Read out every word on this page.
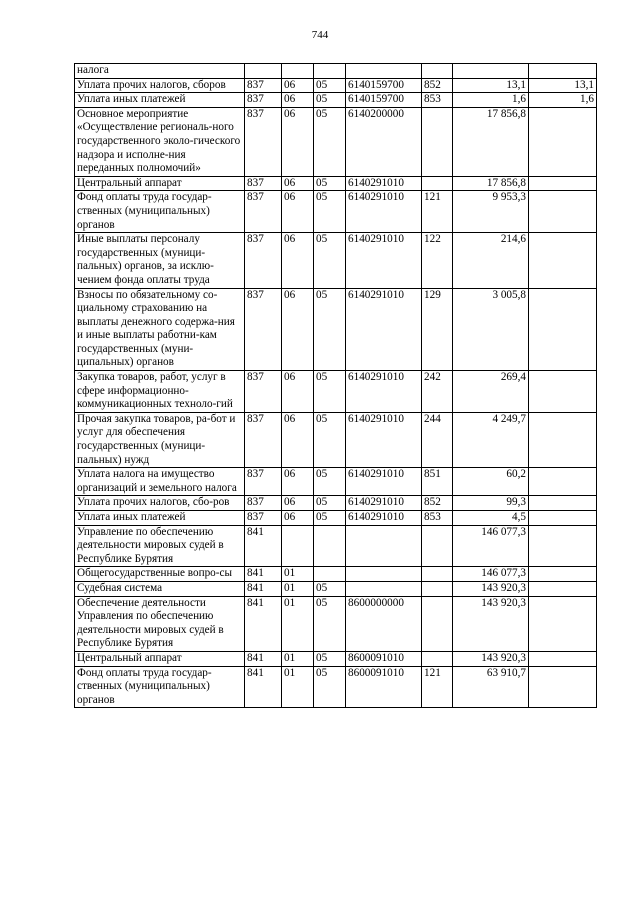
744
налога							
Уплата прочих налогов, сборов	837	06	05	6140159700	852	13,1	13,1
Уплата иных платежей	837	06	05	6140159700	853	1,6	1,6
Основное мероприятие «Осуществление региональ-ного государственного эколо-гического надзора и исполне-ния переданных полномочий»	837	06	05	6140200000		17 856,8	
Центральный аппарат	837	06	05	6140291010		17 856,8	
Фонд оплаты труда государ-ственных (муниципальных) органов	837	06	05	6140291010	121	9 953,3	
Иные выплаты персоналу государственных (муници-пальных) органов, за исклю-чением фонда оплаты труда	837	06	05	6140291010	122	214,6	
Взносы по обязательному со-циальному страхованию на выплаты денежного содержа-ния и иные выплаты работни-кам государственных (муни-ципальных) органов	837	06	05	6140291010	129	3 005,8	
Закупка товаров, работ, услуг в сфере информационно-коммуникационных техноло-гий	837	06	05	6140291010	242	269,4	
Прочая закупка товаров, ра-бот и услуг для обеспечения государственных (муници-пальных) нужд	837	06	05	6140291010	244	4 249,7	
Уплата налога на имущество организаций и земельного налога	837	06	05	6140291010	851	60,2	
Уплата прочих налогов, сбо-ров	837	06	05	6140291010	852	99,3	
Уплата иных платежей	837	06	05	6140291010	853	4,5	
Управление по обеспечению деятельности мировых судей в Республике Бурятия	841					146 077,3	
Общегосударственные вопро-сы	841	01				146 077,3	
Судебная система	841	01	05			143 920,3	
Обеспечение деятельности Управления по обеспечению деятельности мировых судей в Республике Бурятия	841	01	05	8600000000		143 920,3	
Центральный аппарат	841	01	05	8600091010		143 920,3	
Фонд оплаты труда государ-ственных (муниципальных) органов	841	01	05	8600091010	121	63 910,7	
